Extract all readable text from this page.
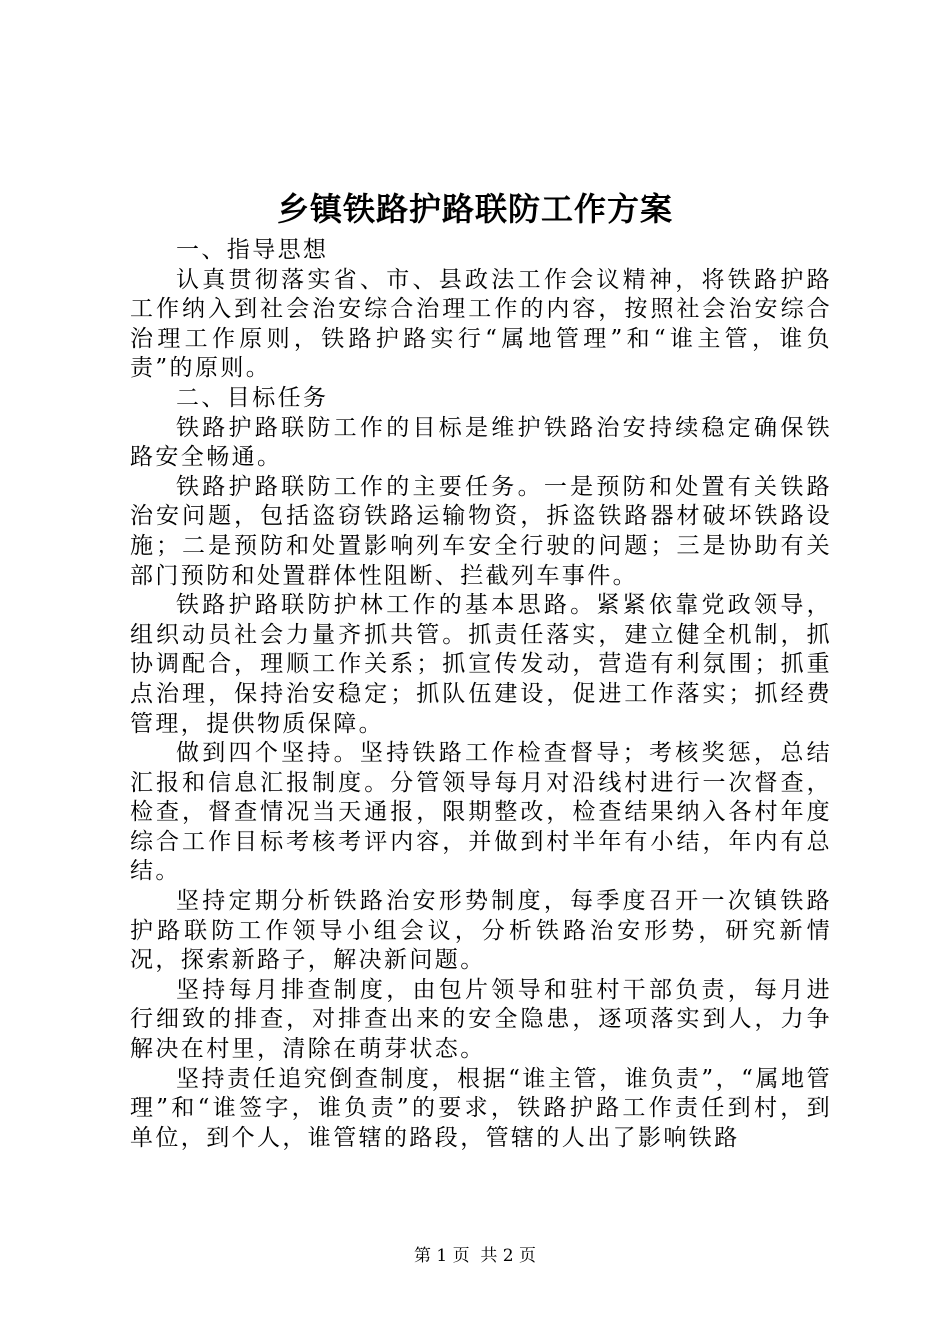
乡镇铁路护路联防工作方案

一、指导思想

认真贯彻落实省、市、县政法工作会议精神，将铁路护路工作纳入到社会治安综合治理工作的内容，按照社会治安综合治理工作原则，铁路护路实行“属地管理”和“谁主管，谁负责”的原则。

二、目标任务

铁路护路联防工作的目标是维护铁路治安持续稳定确保铁路安全畅通。

铁路护路联防工作的主要任务。一是预防和处置有关铁路治安问题，包括盗窃铁路运输物资，拆盗铁路器材破坏铁路设施；二是预防和处置影响列车安全行驶的问题；三是协助有关部门预防和处置群体性阻断、拦截列车事件。

铁路护路联防护林工作的基本思路。紧紧依靠党政领导，组织动员社会力量齐抓共管。抓责任落实，建立健全机制，抓协调配合，理顺工作关系；抓宣传发动，营造有利氛围；抓重点治理，保持治安稳定；抓队伍建设，促进工作落实；抓经费管理，提供物质保障。

做到四个坚持。坚持铁路工作检查督导；考核奖惩，总结汇报和信息汇报制度。分管领导每月对沿线村进行一次督查，检查，督查情况当天通报，限期整改，检查结果纳入各村年度综合工作目标考核考评内容，并做到村半年有小结，年内有总结。

坚持定期分析铁路治安形势制度，每季度召开一次镇铁路护路联防工作领导小组会议，分析铁路治安形势，研究新情况，探索新路子，解决新问题。

坚持每月排查制度，由包片领导和驻村干部负责，每月进行细致的排查，对排查出来的安全隐患，逐项落实到人，力争解决在村里，清除在萌芽状态。

坚持责任追究倒查制度，根据“谁主管，谁负责”，“属地管理”和“谁签字，谁负责”的要求，铁路护路工作责任到村，到单位，到个人，谁管辖的路段，管辖的人出了影响铁路

第 1 页  共 2 页
